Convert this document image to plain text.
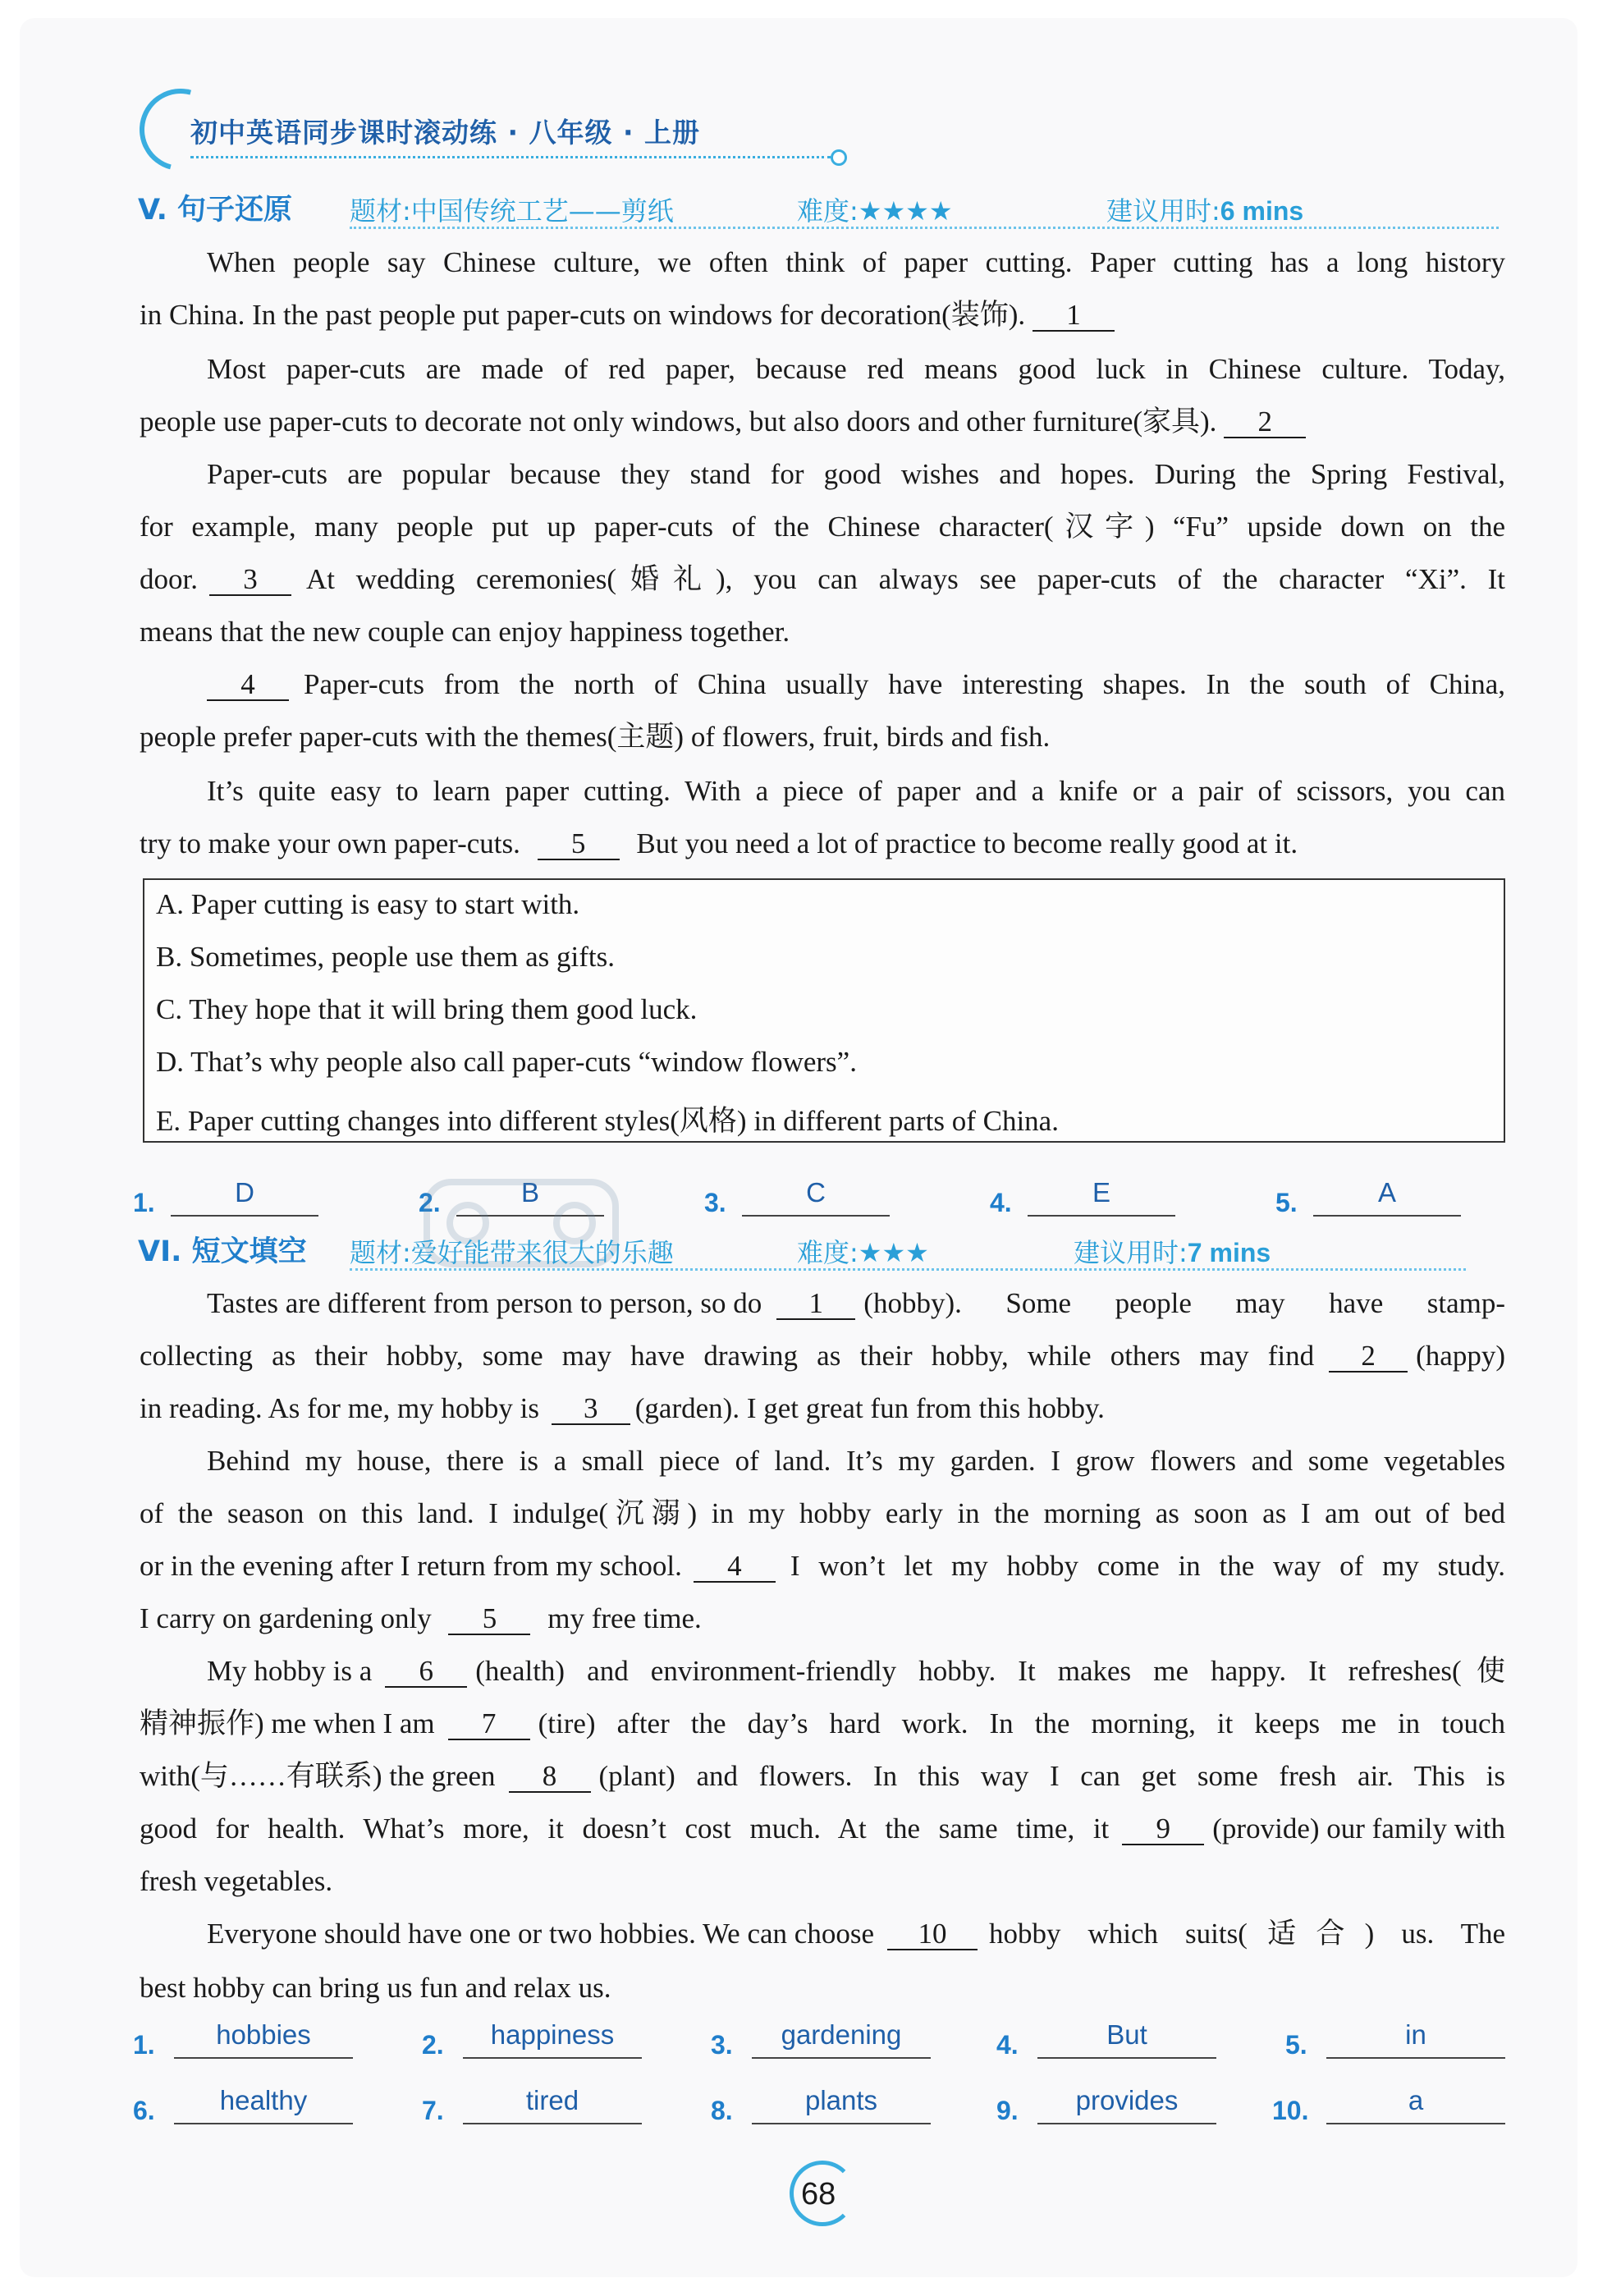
初中英语同步课时滚动练 · 八年级 · 上册
V. 句子还原 题材:中国传统工艺——剪纸	难度:★★★★	建议用时:6 mins
When people say Chinese culture, we often think of paper cutting. Paper cutting has a long history
in China. In the past people put paper-cuts on windows for decoration(装饰). 1
Most paper-cuts are made of red paper, because red means good luck in Chinese culture. Today,
people use paper-cuts to decorate not only windows, but also doors and other furniture(家具). 2
Paper-cuts are popular because they stand for good wishes and hopes. During the Spring Festival,
for example, many people put up paper-cuts of the Chinese character(汉字) “Fu” upside down on the
door.	3	At wedding ceremonies(婚礼), you can always see paper-cuts of the character “Xi”. It
means that the new couple can enjoy happiness together.
4	Paper-cuts from the north of China usually have interesting shapes. In the south of China,
people prefer paper-cuts with the themes(主题) of flowers, fruit, birds and fish.
It’s quite easy to learn paper cutting. With a piece of paper and a knife or a pair of scissors, you can
try to make your own paper-cuts. 5 But you need a lot of practice to become really good at it.
A. Paper cutting is easy to start with.
B. Sometimes, people use them as gifts.
C. They hope that it will bring them good luck.
D. That’s why people also call paper-cuts “window flowers”.
E. Paper cutting changes into different styles(风格) in different parts of China.
1.	D	2.	B	3.	C	4.	E	5.	A
VI. 短文填空 题材:爱好能带来很大的乐趣	难度:★★★	建议用时:7 mins
Tastes are different from person to person, so do	1	(hobby). Some people may have stamp-
collecting as their hobby, some may have drawing as their hobby, while others may find	2	(happy)
in reading. As for me, my hobby is 3 (garden). I get great fun from this hobby.
Behind my house, there is a small piece of land. It’s my garden. I grow flowers and some vegetables
of the season on this land. I indulge(沉溺) in my hobby early in the morning as soon as I am out of bed
or in the evening after I return from my school.	4	I won’t let my hobby come in the way of my study.
I carry on gardening only 5 my free time.
My hobby is a	6	(health) and environment-friendly hobby. It makes me happy. It refreshes(使
精神振作) me when I am	7	(tire) after the day’s hard work. In the morning, it keeps me in touch
with(与……有联系) the green	8	(plant) and flowers. In this way I can get some fresh air. This is
good for health. What’s more, it doesn’t cost much. At the same time, it	9	(provide) our family with
fresh vegetables.
Everyone should have one or two hobbies. We can choose	10	hobby which suits(适合) us. The
best hobby can bring us fun and relax us.
1.	hobbies	2.	happiness	3.	gardening	4.	But	5.	in
6.	healthy	7.	tired	8.	plants	9.	provides	10.	a
68
